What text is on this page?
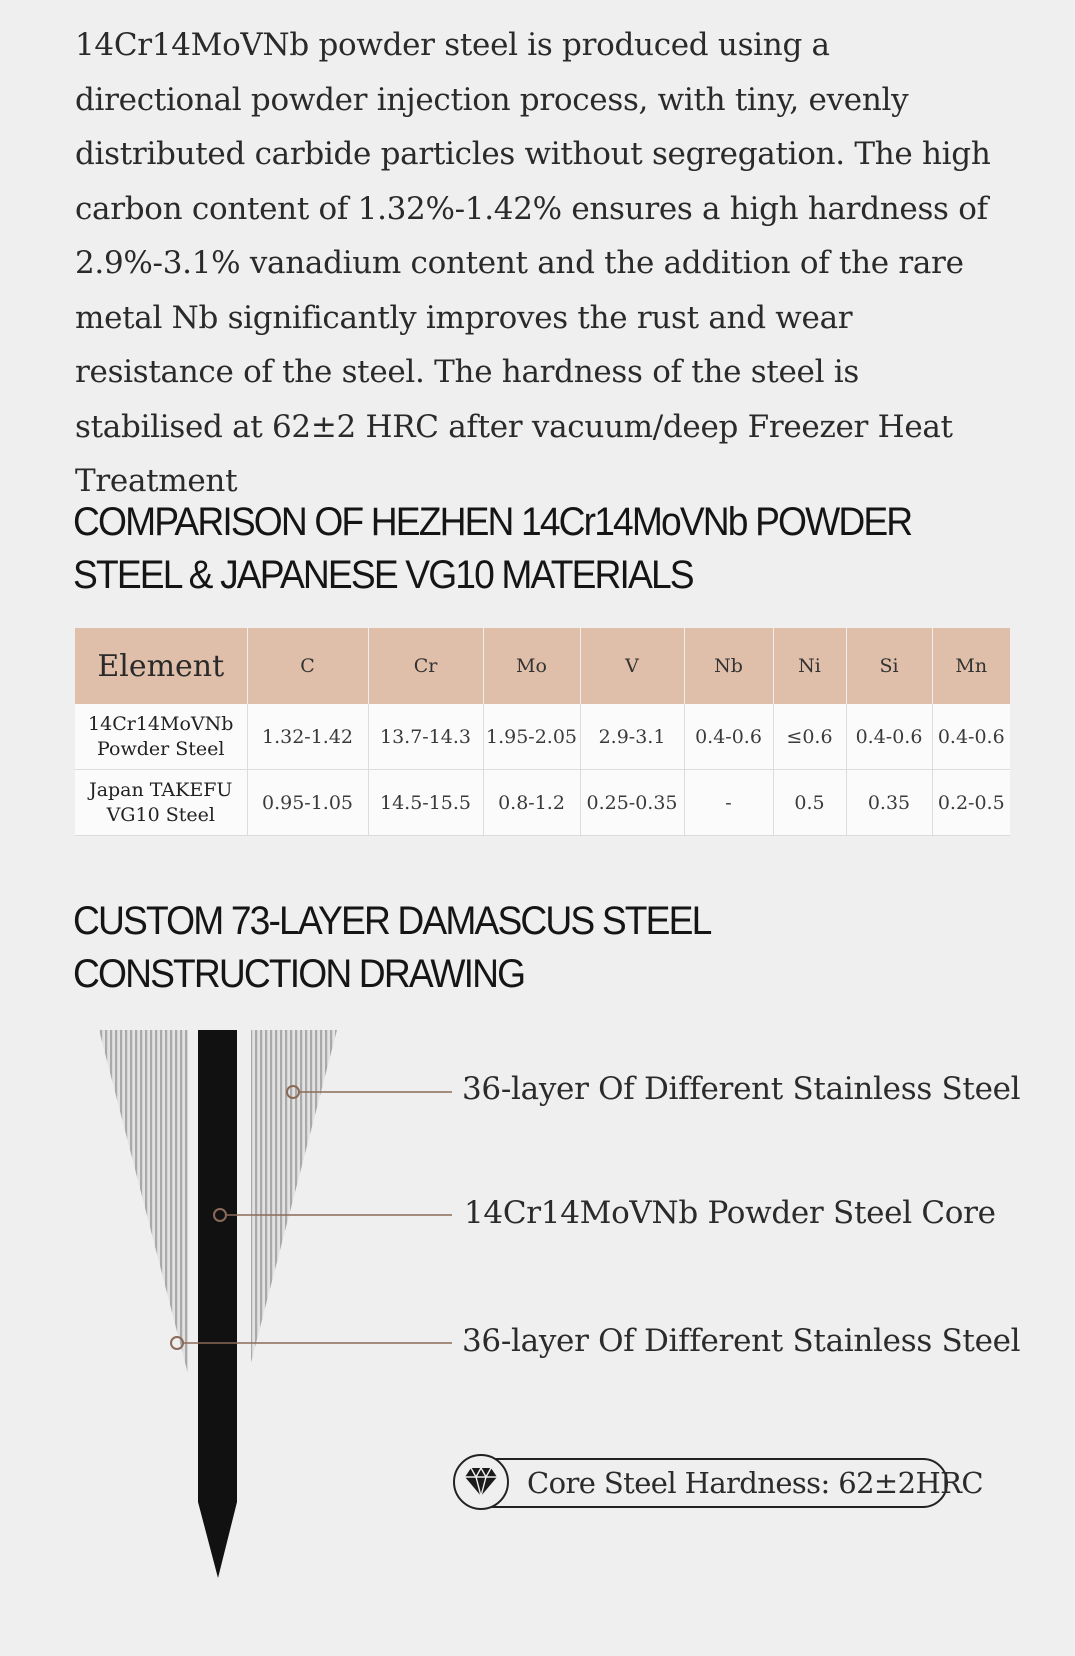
14Cr14MoVNb powder steel is produced using a directional powder injection process, with tiny, evenly distributed carbide particles without segregation. The high carbon content of 1.32%-1.42% ensures a high hardness of 2.9%-3.1% vanadium content and the addition of the rare metal Nb significantly improves the rust and wear resistance of the steel. The hardness of the steel is stabilised at 62±2 HRC after vacuum/deep Freezer Heat Treatment

COMPARISON OF HEZHEN 14Cr14MoVNb POWDER
STEEL & JAPANESE VG10 MATERIALS
Element	C	Cr	Mo	V	Nb	Ni	Si	Mn

14Cr14MoVNb
Powder Steel	1.32-1.42	13.7-14.3	1.95-2.05	2.9-3.1	0.4-0.6	≤0.6	0.4-0.6	0.4-0.6

Japan TAKEFU
VG10 Steel	0.95-1.05	14.5-15.5	0.8-1.2	0.25-0.35	-	0.5	0.35	0.2-0.5
CUSTOM 73-LAYER DAMASCUS STEEL
CONSTRUCTION DRAWING
36-layer Of Different Stainless Steel
14Cr14MoVNb Powder Steel Core
36-layer Of Different Stainless Steel
Core Steel Hardness: 62±2HRC
